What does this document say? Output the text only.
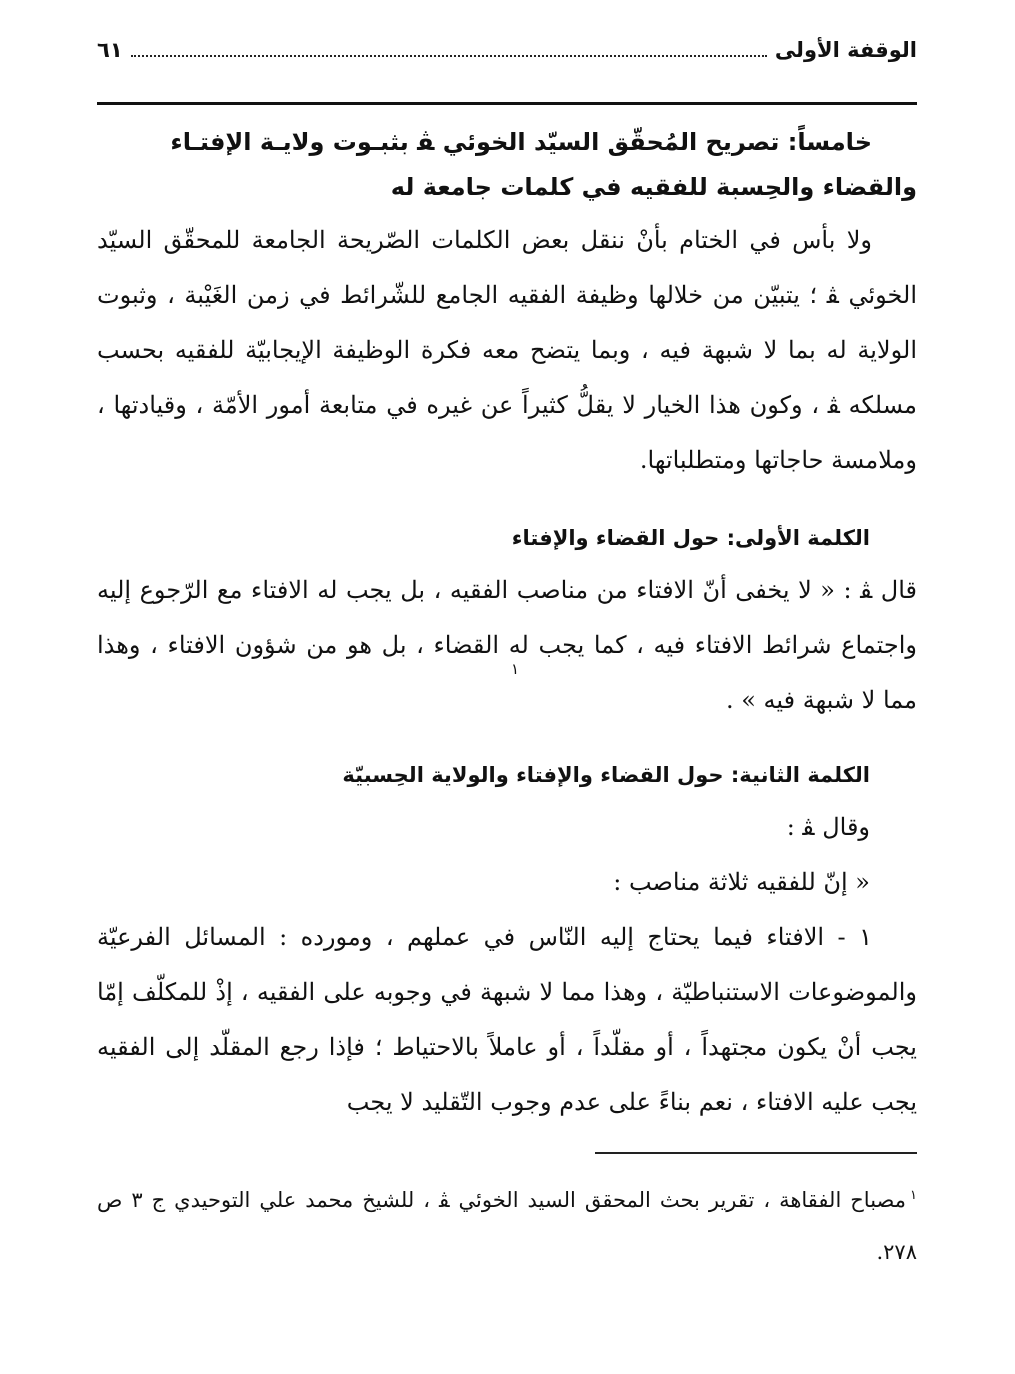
الوقفة الأولى
٦١
خامساً: تصريح المُحقّق السيّد الخوئي ﭭ بثبـوت ولايـة الإفتـاء
والقضاء والحِسبة للفقيه في كلمات جامعة له
ولا بأس في الختام بأنْ ننقل بعض الكلمات الصّريحة الجامعة للمحقّق السيّد الخوئي ﭭ ؛ يتبيّن من خلالها وظيفة الفقيه الجامع للشّرائط في زمن الغَيْبة ، وثبوت الولاية له بما لا شبهة فيه ، وبما يتضح معه فكرة الوظيفة الإيجابيّة للفقيه بحسب مسلكه ﭭ ، وكون هذا الخيار لا يقلُّ كثيراً عن غيره في متابعة أمور الأمّة ، وقيادتها ، وملامسة حاجاتها ومتطلباتها.
الكلمة الأولى: حول القضاء والإفتاء
قال ﭭ : « لا يخفى أنّ الافتاء من مناصب الفقيه ، بل يجب له الافتاء مع الرّجوع إليه واجتماع شرائط الافتاء فيه ، كما يجب له القضاء ، بل هو من شؤون الافتاء ، وهذا مما لا شبهة فيه » .
١
الكلمة الثانية: حول القضاء والإفتاء والولاية الحِسبيّة
وقال ﭭ :
« إنّ للفقيه ثلاثة مناصب :
١ - الافتاء فيما يحتاج إليه النّاس في عملهم ، ومورده : المسائل الفرعيّة والموضوعات الاستنباطيّة ، وهذا مما لا شبهة في وجوبه على الفقيه ، إذْ للمكلّف إمّا يجب أنْ يكون مجتهداً ، أو مقلّداً ، أو عاملاً بالاحتياط ؛ فإذا رجع المقلّد إلى الفقيه يجب عليه الافتاء ، نعم بناءً على عدم وجوب التّقليد لا يجب
$^١$مصباح الفقاهة ، تقرير بحث المحقق السيد الخوئي ﭭ ، للشيخ محمد علي التوحيدي ج ٣ ص ٢٧٨.
